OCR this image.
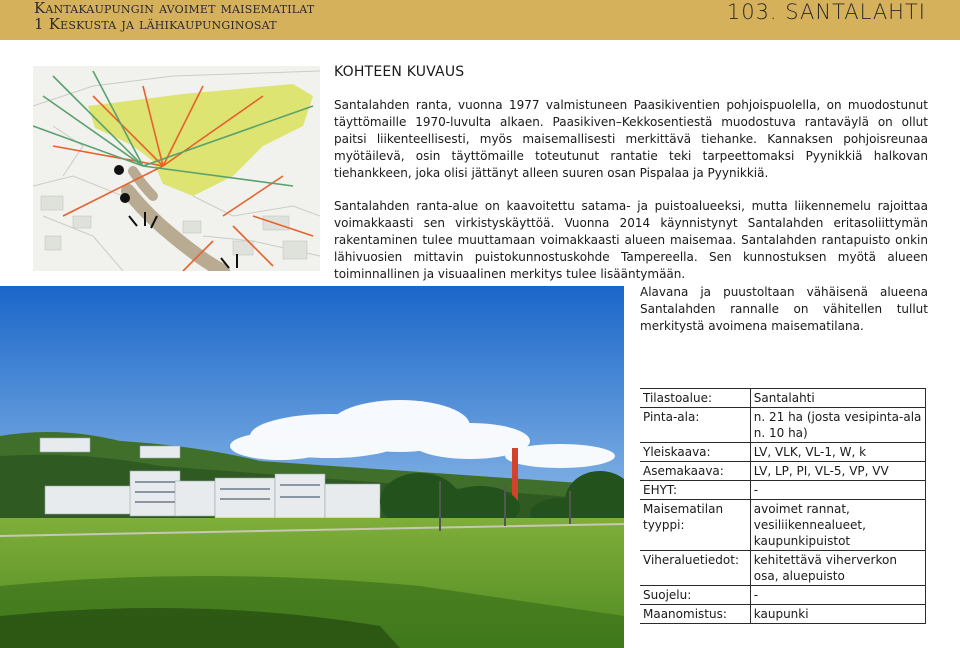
Kantakaupungin avoimet maisematilat
1 Keskusta ja lähikaupunginosat	103. SANTALAHTI
KOHTEEN KUVAUS

Santalahden ranta, vuonna 1977 valmistuneen Paasikiventien pohjoispuolella, on muodostunut täyttömaille 1970-luvulta alkaen. Paasikiven–Kekkosentiestä muodostuva rantaväylä on ollut paitsi liikenteellisesti, myös maisemallisesti merkittävä tiehanke. Kannaksen pohjoisreunaa myötäilevä, osin täyttömaille toteutunut rantatie teki tarpeettomaksi Pyynikkiä halkovan tiehankkeen, joka olisi jättänyt alleen suuren osan Pispalaa ja Pyynikkiä.

Santalahden ranta-alue on kaavoitettu satama- ja puistoalueeksi, mutta liikennemelu rajoittaa voimakkaasti sen virkistyskäyttöä. Vuonna 2014 käynnistynyt Santalahden eritasoliittymän rakentaminen tulee muuttamaan voimakkaasti alueen maisemaa. Santalahden rantapuisto onkin lähivuosien mittavin puistokunnostuskohde Tampereella. Sen kunnostuksen myötä alueen toiminnallinen ja visuaalinen merkitys tulee lisääntymään.

Alavana ja puustoltaan vähäisenä alueena Santalahden rannalle on vähitellen tullut merkitystä avoimena maisematilana.

Tilastoalue:	Santalahti
Pinta-ala:	n. 21 ha (josta vesipinta-ala n. 10 ha)
Yleiskaava:	LV, VLK, VL-1, W, k
Asemakaava:	LV, LP, PI, VL-5, VP, VV
EHYT:	-
Maisematilan tyyppi:	avoimet rannat, vesiliikennealueet, kaupunkipuistot
Viheraluetiedot:	kehitettävä viherverkon osa, aluepuisto
Suojelu:	-
Maanomistus:	kaupunki
